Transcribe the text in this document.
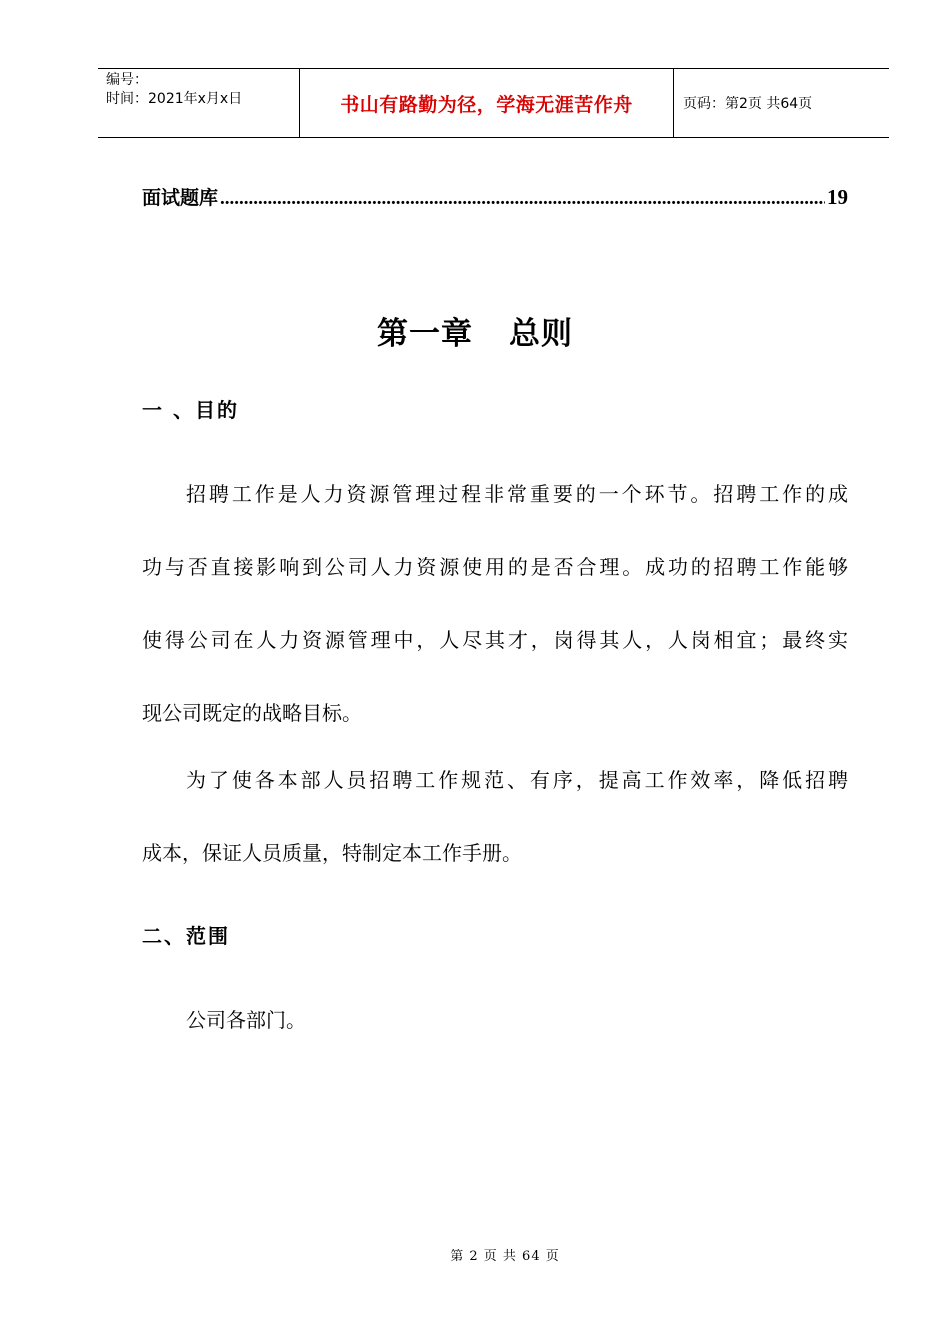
编号：
时间：2021年x月x日	书山有路勤为径，学海无涯苦作舟	页码：第2页 共64页
面试题库
.....	19
第一章 总则
一 、目的
招聘工作是人力资源管理过程非常重要的一个环节。招聘工作的成
功与否直接影响到公司人力资源使用的是否合理。成功的招聘工作能够
使得公司在人力资源管理中，人尽其才，岗得其人，人岗相宜；最终实
现公司既定的战略目标。
为了使各本部人员招聘工作规范、有序，提高工作效率，降低招聘
成本，保证人员质量，特制定本工作手册。
二、范围
公司各部门。
第 2 页 共 64 页
